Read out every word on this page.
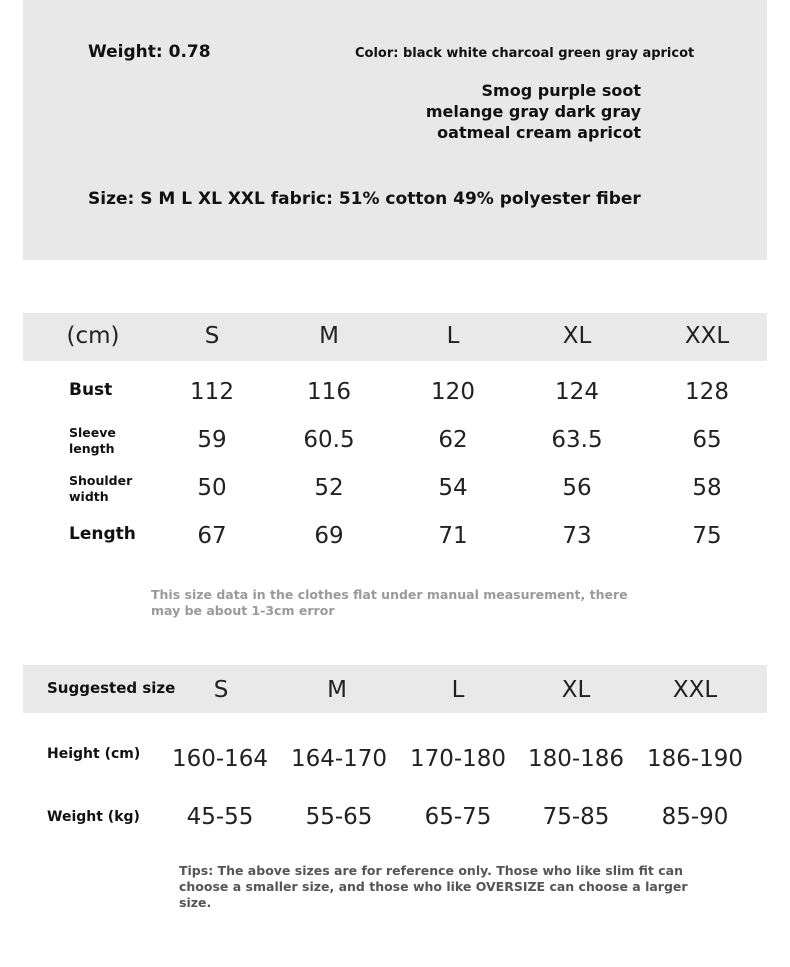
Weight: 0.78	Color: black white charcoal green gray apricot
Smog purple soot
melange gray dark gray
oatmeal cream apricot
Size: S M L XL XXL fabric: 51% cotton 49% polyester fiber
(cm)	S	M	L	XL	XXL
Bust	112	116	120	124	128
Sleeve length	59	60.5	62	63.5	65
Shoulder width	50	52	54	56	58
Length	67	69	71	73	75
This size data in the clothes flat under manual measurement, there may be about 1-3cm error
Suggested size S	M	L	XL	XXL
Height (cm) 160-164 164-170 170-180 180-186 186-190
Weight (kg) 45-55 55-65 65-75 75-85 85-90
Tips: The above sizes are for reference only. Those who like slim fit can choose a smaller size, and those who like OVERSIZE can choose a larger size.
